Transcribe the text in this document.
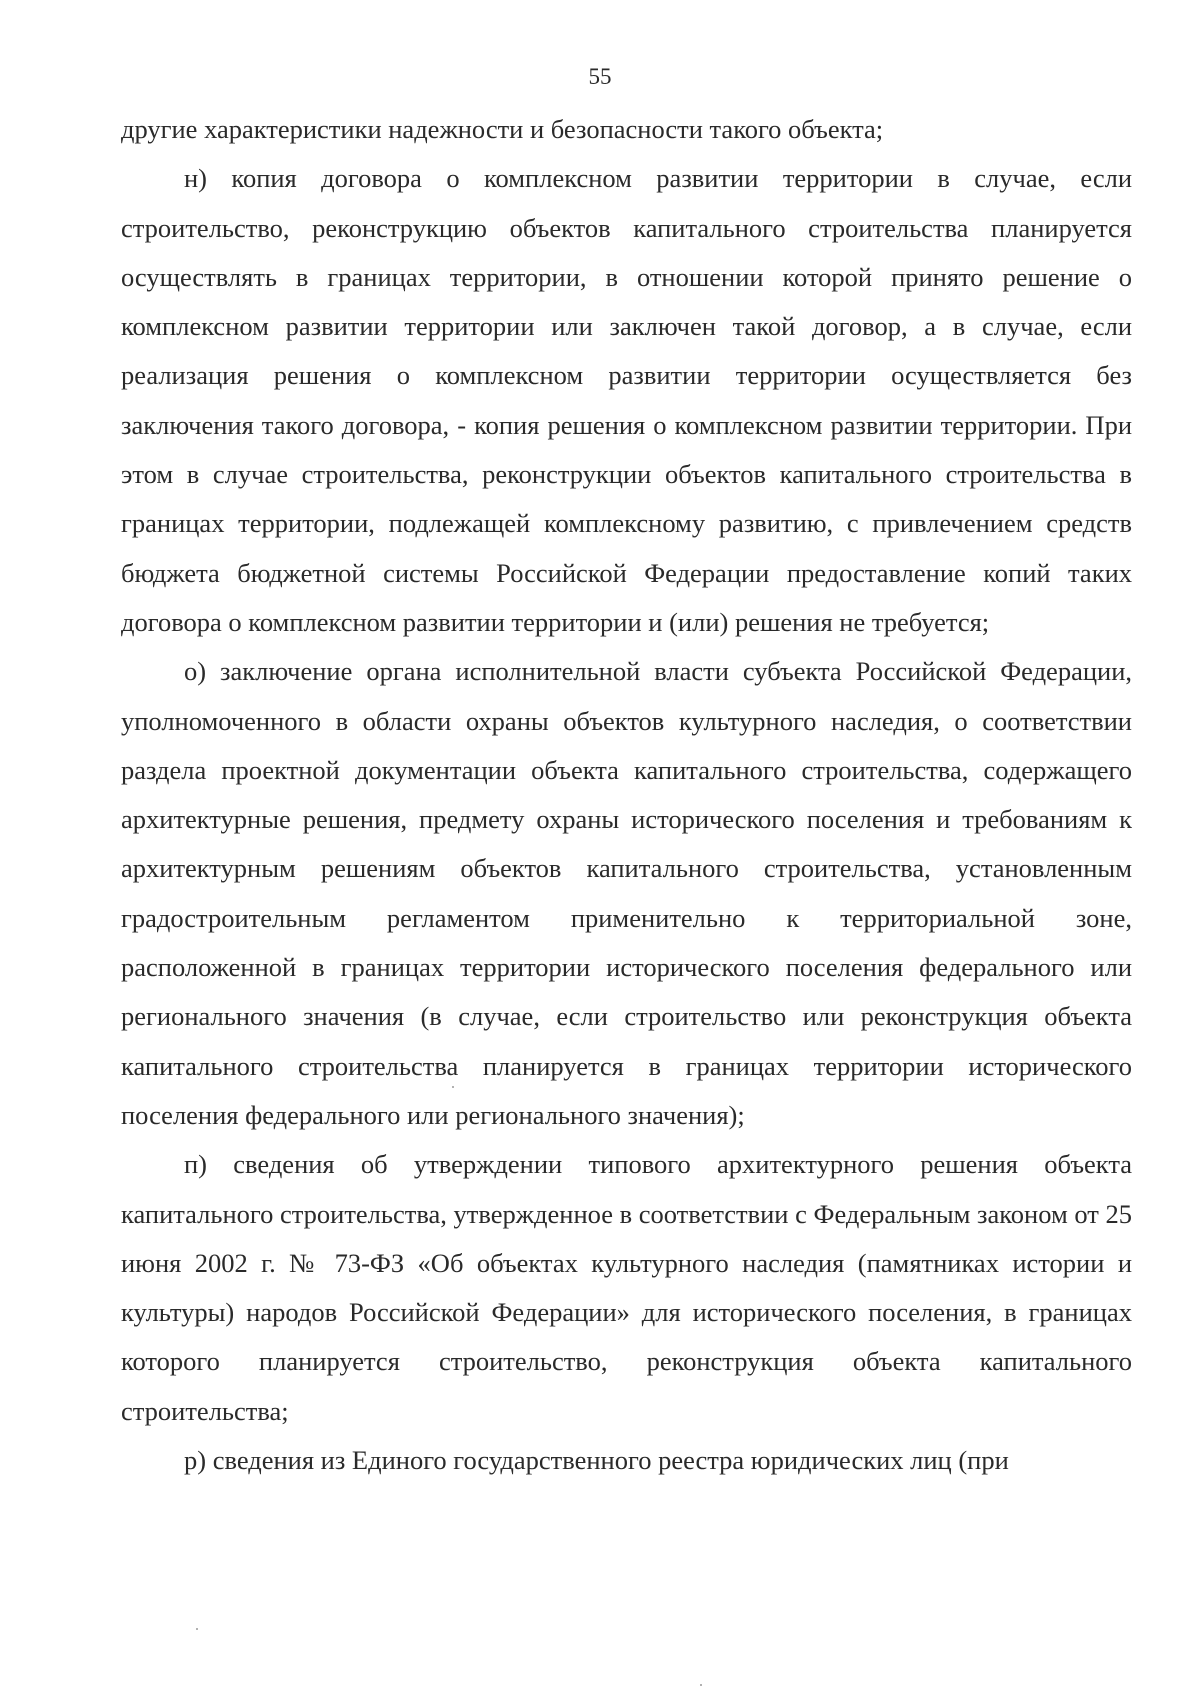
55

другие характеристики надежности и безопасности такого объекта;

н) копия договора о комплексном развитии территории в случае, если строительство, реконструкцию объектов капитального строительства планируется осуществлять в границах территории, в отношении которой принято решение о комплексном развитии территории или заключен такой договор, а в случае, если реализация решения о комплексном развитии территории осуществляется без заключения такого договора, - копия решения о комплексном развитии территории. При этом в случае строительства, реконструкции объектов капитального строительства в границах территории, подлежащей комплексному развитию, с привлечением средств бюджета бюджетной системы Российской Федерации предоставление копий таких договора о комплексном развитии территории и (или) решения не требуется;

о) заключение органа исполнительной власти субъекта Российской Федерации, уполномоченного в области охраны объектов культурного наследия, о соответствии раздела проектной документации объекта капитального строительства, содержащего архитектурные решения, предмету охраны исторического поселения и требованиям к архитектурным решениям объектов капитального строительства, установленным градостроительным регламентом применительно к территориальной зоне, расположенной в границах территории исторического поселения федерального или регионального значения (в случае, если строительство или реконструкция объекта капитального строительства планируется в границах территории исторического поселения федерального или регионального значения);

п) сведения об утверждении типового архитектурного решения объекта капитального строительства, утвержденное в соответствии с Федеральным законом от 25 июня 2002 г. № 73-ФЗ «Об объектах культурного наследия (памятниках истории и культуры) народов Российской Федерации» для исторического поселения, в границах которого планируется строительство, реконструкция объекта капитального строительства;

р) сведения из Единого государственного реестра юридических лиц (при
